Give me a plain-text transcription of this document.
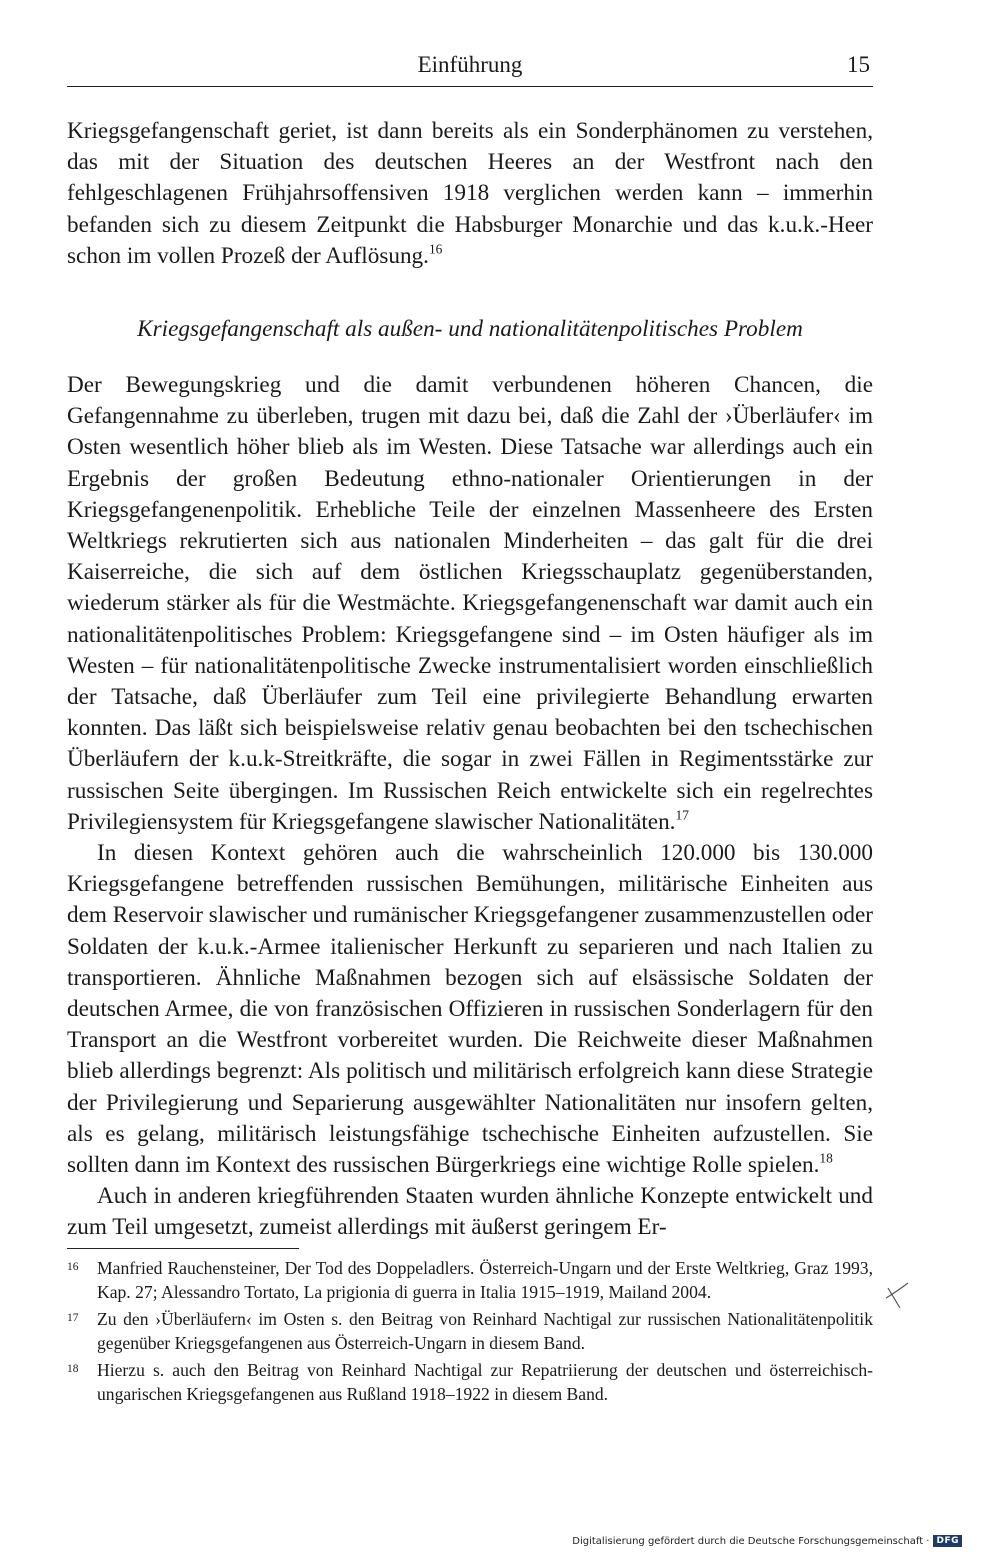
Einführung	15

Kriegsgefangenschaft geriet, ist dann bereits als ein Sonderphänomen zu verstehen, das mit der Situation des deutschen Heeres an der Westfront nach den fehlgeschlagenen Frühjahrsoffensiven 1918 verglichen werden kann – immerhin befanden sich zu diesem Zeitpunkt die Habsburger Monarchie und das k.u.k.-Heer schon im vollen Prozeß der Auflösung.$^{16}$

Kriegsgefangenschaft als außen- und nationalitätenpolitisches Problem

Der Bewegungskrieg und die damit verbundenen höheren Chancen, die Gefangennahme zu überleben, trugen mit dazu bei, daß die Zahl der ›Überläufer‹ im Osten wesentlich höher blieb als im Westen. Diese Tatsache war allerdings auch ein Ergebnis der großen Bedeutung ethno-nationaler Orientierungen in der Kriegsgefangenenpolitik. Erhebliche Teile der einzelnen Massenheere des Ersten Weltkriegs rekrutierten sich aus nationalen Minderheiten – das galt für die drei Kaiserreiche, die sich auf dem östlichen Kriegsschauplatz gegenüberstanden, wiederum stärker als für die Westmächte. Kriegsgefangenenschaft war damit auch ein nationalitätenpolitisches Problem: Kriegsgefangene sind – im Osten häufiger als im Westen – für nationalitätenpolitische Zwecke instrumentalisiert worden einschließlich der Tatsache, daß Überläufer zum Teil eine privilegierte Behandlung erwarten konnten. Das läßt sich beispielsweise relativ genau beobachten bei den tschechischen Überläufern der k.u.k-Streitkräfte, die sogar in zwei Fällen in Regimentsstärke zur russischen Seite übergingen. Im Russischen Reich entwickelte sich ein regelrechtes Privilegiensystem für Kriegsgefangene slawischer Nationalitäten.$^{17}$

In diesen Kontext gehören auch die wahrscheinlich 120.000 bis 130.000 Kriegsgefangene betreffenden russischen Bemühungen, militärische Einheiten aus dem Reservoir slawischer und rumänischer Kriegsgefangener zusammenzustellen oder Soldaten der k.u.k.-Armee italienischer Herkunft zu separieren und nach Italien zu transportieren. Ähnliche Maßnahmen bezogen sich auf elsässische Soldaten der deutschen Armee, die von französischen Offizieren in russischen Sonderlagern für den Transport an die Westfront vorbereitet wurden. Die Reichweite dieser Maßnahmen blieb allerdings begrenzt: Als politisch und militärisch erfolgreich kann diese Strategie der Privilegierung und Separierung ausgewählter Nationalitäten nur insofern gelten, als es gelang, militärisch leistungsfähige tschechische Einheiten aufzustellen. Sie sollten dann im Kontext des russischen Bürgerkriegs eine wichtige Rolle spielen.$^{18}$

Auch in anderen kriegführenden Staaten wurden ähnliche Konzepte entwickelt und zum Teil umgesetzt, zumeist allerdings mit äußerst geringem Er-

16 Manfried Rauchensteiner, Der Tod des Doppeladlers. Österreich-Ungarn und der Erste Weltkrieg, Graz 1993, Kap. 27; Alessandro Tortato, La prigionia di guerra in Italia 1915–1919, Mailand 2004.

17 Zu den ›Überläufern‹ im Osten s. den Beitrag von Reinhard Nachtigal zur russischen Nationalitätenpolitik gegenüber Kriegsgefangenen aus Österreich-Ungarn in diesem Band.

18 Hierzu s. auch den Beitrag von Reinhard Nachtigal zur Repatriierung der deutschen und österreichisch-ungarischen Kriegsgefangenen aus Rußland 1918–1922 in diesem Band.

Digitalisierung gefördert durch die Deutsche Forschungsgemeinschaft · DFG
